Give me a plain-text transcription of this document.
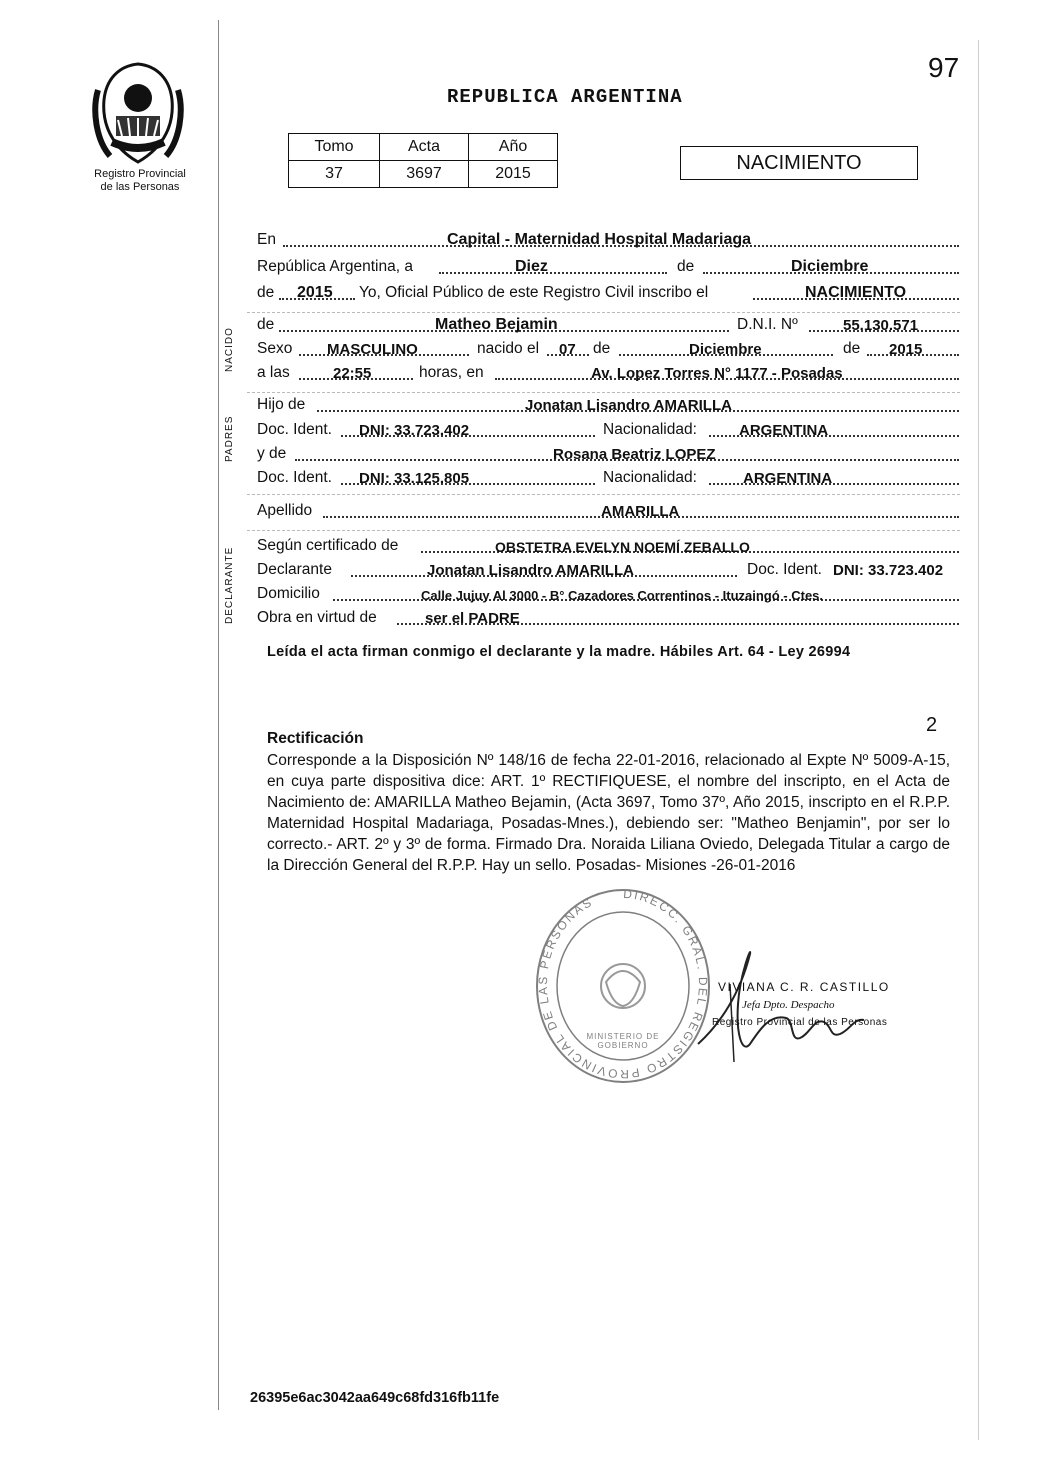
Registro Provincial
de las Personas
97
REPUBLICA ARGENTINA
Tomo	Acta	Año
37	3697	2015	NACIMIENTO
NACIDO
PADRES
DECLARANTE
En	Capital - Maternidad Hospital Madariaga
República Argentina, a	Diez	de	Diciembre
de 2015 Yo, Oficial Público de este Registro Civil inscribo el	NACIMIENTO
de	Matheo Bejamin	D.N.I. Nº	55.130.571
Sexo MASCULINO	nacido el 07 de	Diciembre	de 2015
a las	22:55	horas, en	Av. Lopez Torres N° 1177 - Posadas
Hijo de	Jonatan Lisandro AMARILLA
Doc. Ident. DNI: 33.723.402	Nacionalidad:	ARGENTINA
y de	Rosana Beatriz LOPEZ
Doc. Ident. DNI: 33.125.805	Nacionalidad:	ARGENTINA
Apellido	AMARILLA
Según certificado de	OBSTETRA EVELYN NOEMÍ ZEBALLO
Declarante	Jonatan Lisandro AMARILLA	Doc. Ident. DNI: 33.723.402
Domicilio	Calle Jujuy Al 3000 - B° Cazadores Correntinos - Ituzaingó - Ctes.
Obra en virtud de	ser el PADRE
Leída el acta firman conmigo el declarante y la madre. Hábiles Art. 64 - Ley 26994
2
Rectificación
Corresponde a la Disposición Nº 148/16 de fecha 22-01-2016, relacionado al Expte Nº 5009-A-15, en cuya parte dispositiva dice: ART. 1º RECTIFIQUESE, el nombre del inscripto, en el Acta de Nacimiento de: AMARILLA Matheo Bejamin, (Acta 3697, Tomo 37º, Año 2015, inscripto en el R.P.P. Maternidad Hospital Madariaga, Posadas-Mnes.), debiendo ser: "Matheo Benjamin", por ser lo correcto.- ART. 2º y 3º de forma. Firmado Dra. Noraida Liliana Oviedo, Delegada Titular a cargo de la Dirección General del R.P.P. Hay un sello. Posadas- Misiones -26-01-2016
DIRECC. GRAL. DEL REGISTRO PROVINCIAL DE LAS PERSONAS
MINISTERIO DE GOBIERNO
VIVIANA C. R. CASTILLO
Jefa Dpto. Despacho
Registro Provincial de las Personas
26395e6ac3042aa649c68fd316fb11fe
